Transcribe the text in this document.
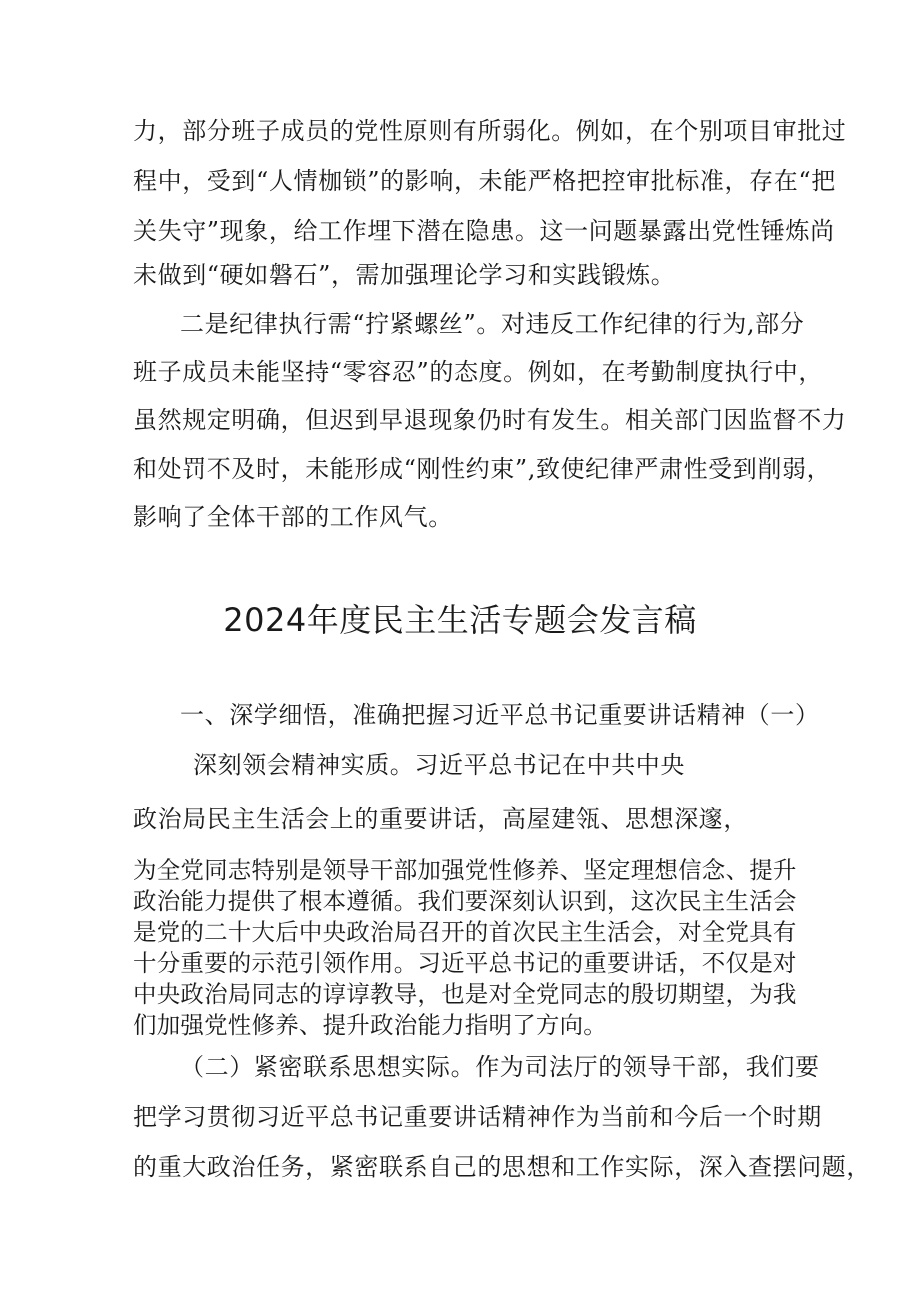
力，部分班子成员的党性原则有所弱化。例如，在个别项目审批过

程中，受到“人情枷锁”的影响，未能严格把控审批标准，存在“把

关失守”现象，给工作埋下潜在隐患。这一问题暴露出党性锤炼尚

未做到“硬如磐石”，需加强理论学习和实践锻炼。

二是纪律执行需“拧紧螺丝”。对违反工作纪律的行为,部分

班子成员未能坚持“零容忍”的态度。例如，在考勤制度执行中，

虽然规定明确，但迟到早退现象仍时有发生。相关部门因监督不力

和处罚不及时，未能形成“刚性约束”,致使纪律严肃性受到削弱，

影响了全体干部的工作风气。

2024年度民主生活专题会发言稿

一、深学细悟，准确把握习近平总书记重要讲话精神（一）

深刻领会精神实质。习近平总书记在中共中央

政治局民主生活会上的重要讲话，高屋建瓴、思想深邃，

为全党同志特别是领导干部加强党性修养、坚定理想信念、提升

政治能力提供了根本遵循。我们要深刻认识到，这次民主生活会

是党的二十大后中央政治局召开的首次民主生活会，对全党具有

十分重要的示范引领作用。习近平总书记的重要讲话，不仅是对

中央政治局同志的谆谆教导，也是对全党同志的殷切期望，为我

们加强党性修养、提升政治能力指明了方向。

（二）紧密联系思想实际。作为司法厅的领导干部，我们要

把学习贯彻习近平总书记重要讲话精神作为当前和今后一个时期

的重大政治任务，紧密联系自己的思想和工作实际，深入查摆问题，
